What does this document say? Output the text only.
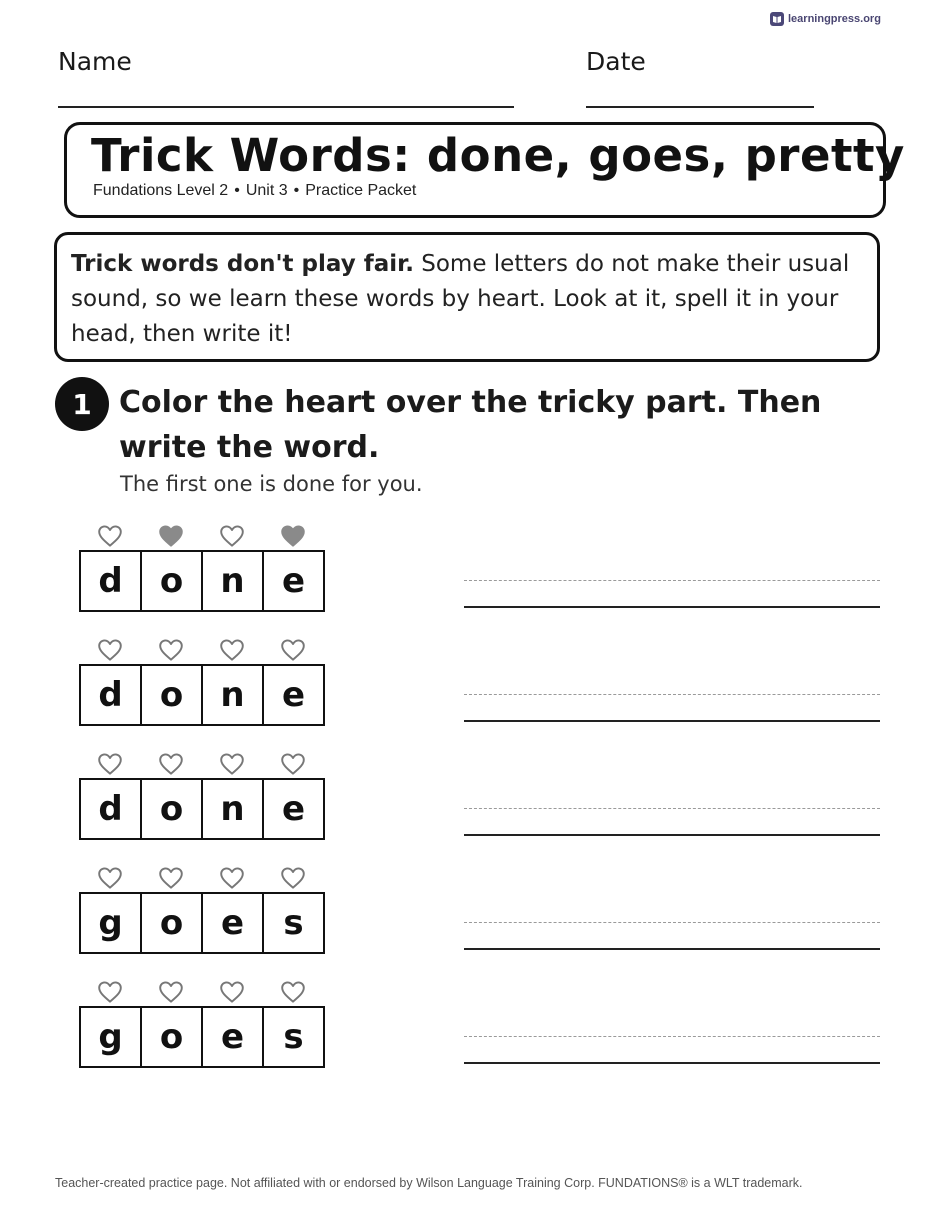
learningpress.org
Name	Date
Trick Words: done, goes, pretty
Fundations Level 2 • Unit 3 • Practice Packet
Trick words don't play fair. Some letters do not make their usual sound, so we learn these words by heart. Look at it, spell it in your head, then write it!
1 Color the heart over the tricky part. Then write the word.
The first one is done for you.
d	o	n	e
d	o	n	e
d	o	n	e
g	o	e	s
g	o	e	s
Teacher-created practice page. Not affiliated with or endorsed by Wilson Language Training Corp. FUNDATIONS® is a WLT trademark.
